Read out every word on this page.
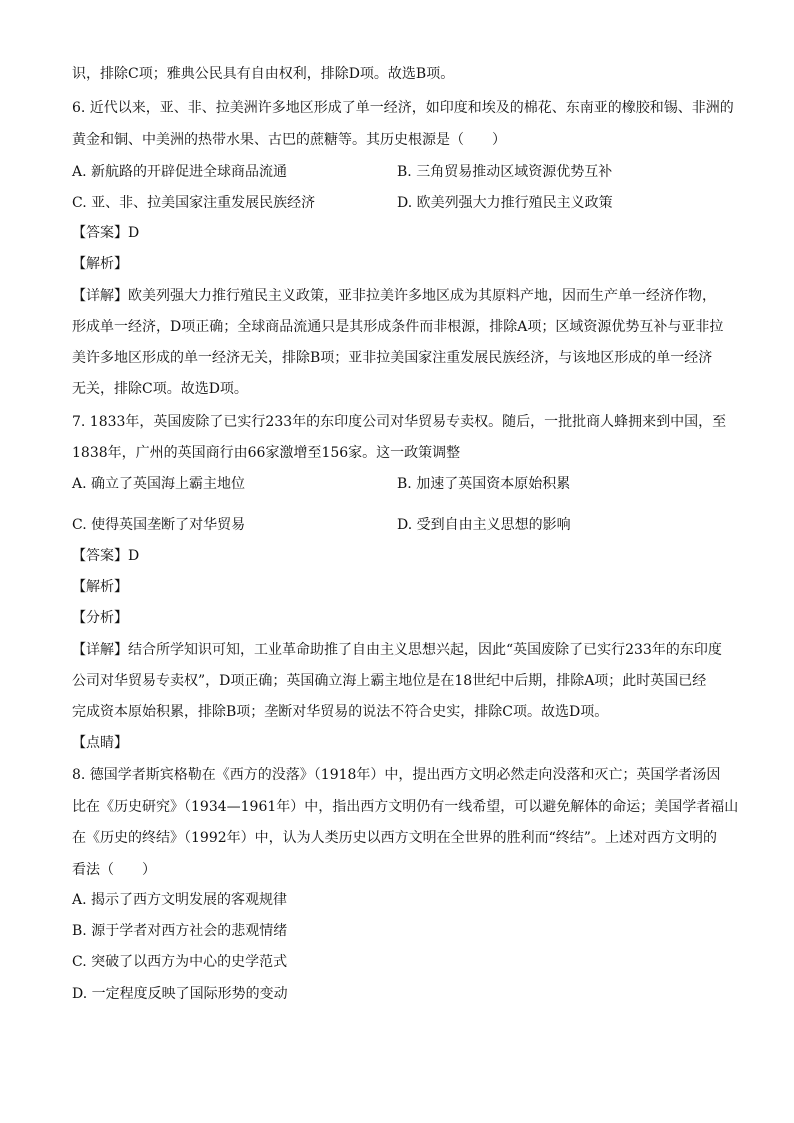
识，排除C项；雅典公民具有自由权利，排除D项。故选B项。
6. 近代以来，亚、非、拉美洲许多地区形成了单一经济，如印度和埃及的棉花、东南亚的橡胶和锡、非洲的
黄金和铜、中美洲的热带水果、古巴的蔗糖等。其历史根源是（　　）
A. 新航路的开辟促进全球商品流通	B. 三角贸易推动区域资源优势互补
C. 亚、非、拉美国家注重发展民族经济	D. 欧美列强大力推行殖民主义政策
【答案】D
【解析】
【详解】欧美列强大力推行殖民主义政策，亚非拉美许多地区成为其原料产地，因而生产单一经济作物，
形成单一经济，D项正确；全球商品流通只是其形成条件而非根源，排除A项；区域资源优势互补与亚非拉
美许多地区形成的单一经济无关，排除B项；亚非拉美国家注重发展民族经济，与该地区形成的单一经济
无关，排除C项。故选D项。
7. 1833年，英国废除了已实行233年的东印度公司对华贸易专卖权。随后，一批批商人蜂拥来到中国，至
1838年，广州的英国商行由66家激增至156家。这一政策调整
A. 确立了英国海上霸主地位	B. 加速了英国资本原始积累
C. 使得英国垄断了对华贸易	D. 受到自由主义思想的影响
【答案】D
【解析】
【分析】
【详解】结合所学知识可知，工业革命助推了自由主义思想兴起，因此“英国废除了已实行233年的东印度
公司对华贸易专卖权”，D项正确；英国确立海上霸主地位是在18世纪中后期，排除A项；此时英国已经
完成资本原始积累，排除B项；垄断对华贸易的说法不符合史实，排除C项。故选D项。
【点睛】
8. 德国学者斯宾格勒在《西方的没落》（1918年）中，提出西方文明必然走向没落和灭亡；英国学者汤因
比在《历史研究》（1934—1961年）中，指出西方文明仍有一线希望，可以避免解体的命运；美国学者福山
在《历史的终结》（1992年）中，认为人类历史以西方文明在全世界的胜利而“终结”。上述对西方文明的
看法（　　）
A. 揭示了西方文明发展的客观规律
B. 源于学者对西方社会的悲观情绪
C. 突破了以西方为中心的史学范式
D. 一定程度反映了国际形势的变动
